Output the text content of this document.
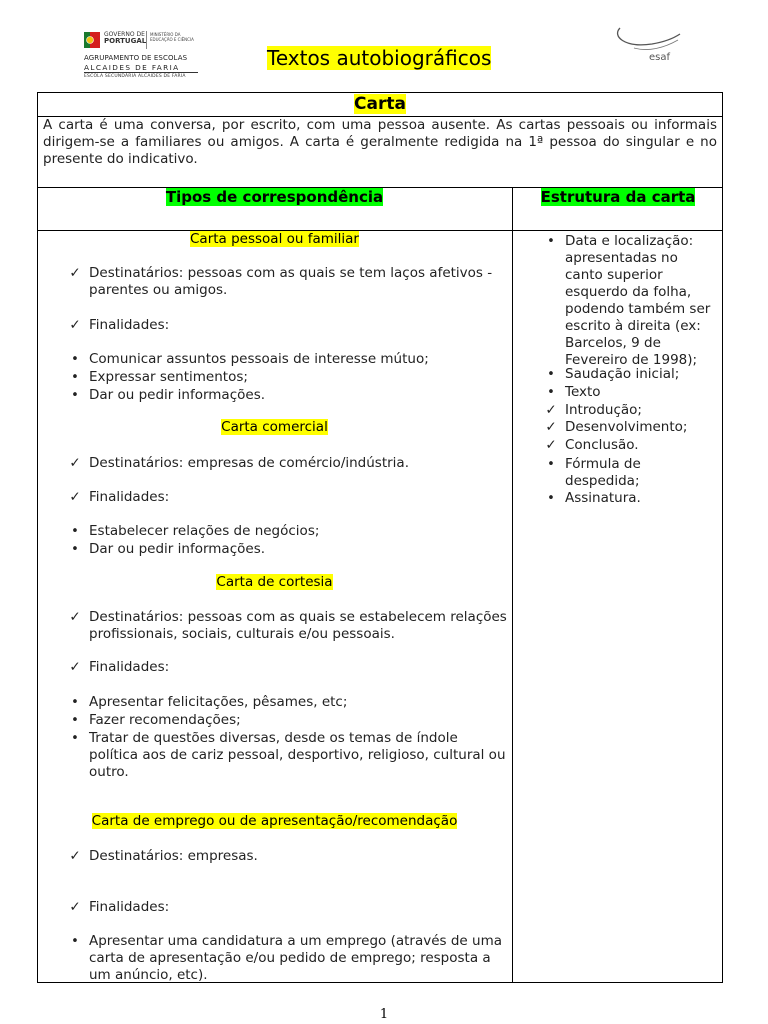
GOVERNO DE
PORTUGAL
MINISTÉRIO DA EDUCAÇÃO E CIÊNCIA
AGRUPAMENTO DE ESCOLAS
ALCAIDES DE FARIA
ESCOLA SECUNDÁRIA ALCAIDES DE FARIA
Textos autobiográficos	esaf
Carta
A carta é uma conversa, por escrito, com uma pessoa ausente. As cartas pessoais ou informais dirigem-se a familiares ou amigos. A carta é geralmente redigida na 1ª pessoa do singular e no presente do indicativo.
Tipos de correspondência	Estrutura da carta
Carta pessoal ou familiar
✓ Destinatários: pessoas com as quais se tem laços afetivos - parentes ou amigos.
✓ Finalidades:
• Comunicar assuntos pessoais de interesse mútuo;
• Expressar sentimentos;
• Dar ou pedir informações.
Carta comercial
✓ Destinatários: empresas de comércio/indústria.
✓ Finalidades:
• Estabelecer relações de negócios;
• Dar ou pedir informações.
Carta de cortesia
✓ Destinatários: pessoas com as quais se estabelecem relações profissionais, sociais, culturais e/ou pessoais.
✓ Finalidades:
• Apresentar felicitações, pêsames, etc;
• Fazer recomendações;
• Tratar de questões diversas, desde os temas de índole política aos de cariz pessoal, desportivo, religioso, cultural ou outro.
Carta de emprego ou de apresentação/recomendação
✓ Destinatários: empresas.
✓ Finalidades:
• Apresentar uma candidatura a um emprego (através de uma carta de apresentação e/ou pedido de emprego; resposta a um anúncio, etc).
• Data e localização: apresentadas no canto superior esquerdo da folha, podendo também ser escrito à direita (ex: Barcelos, 9 de Fevereiro de 1998);
• Saudação inicial;
• Texto
✓ Introdução;
✓ Desenvolvimento;
✓ Conclusão.
• Fórmula de despedida;
• Assinatura.
1
